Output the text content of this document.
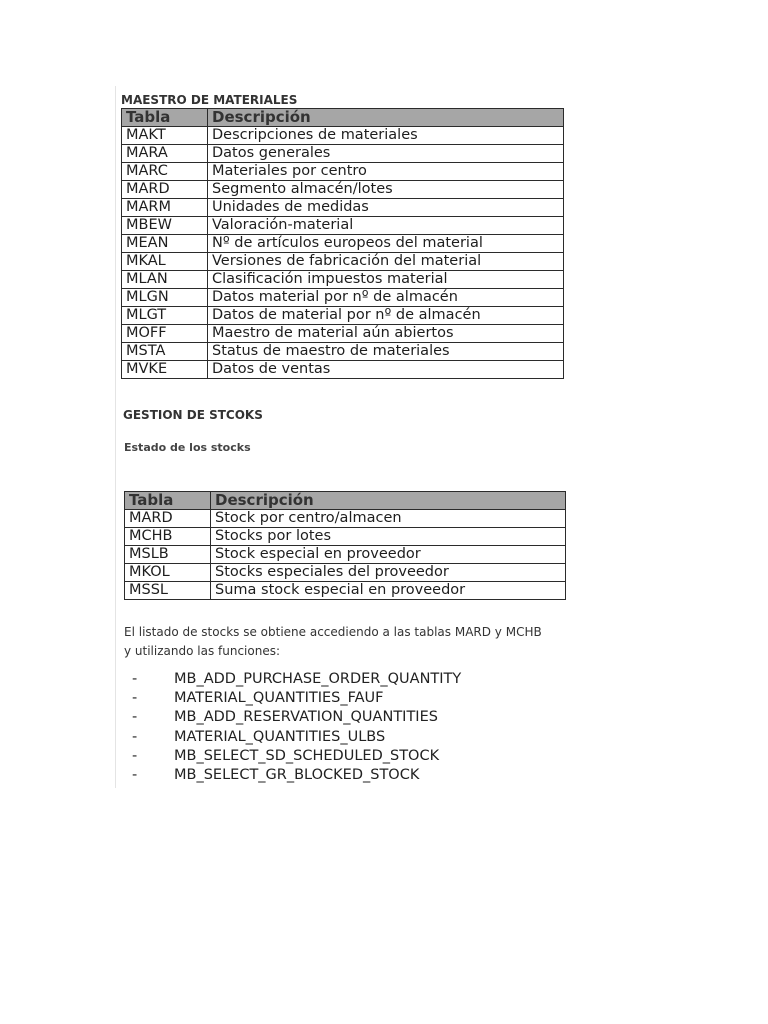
MAESTRO DE MATERIALES
Tabla	Descripción
MAKT	Descripciones de materiales
MARA	Datos generales
MARC	Materiales por centro
MARD	Segmento almacén/lotes
MARM	Unidades de medidas
MBEW	Valoración-material
MEAN	Nº de artículos europeos del material
MKAL	Versiones de fabricación del material
MLAN	Clasificación impuestos material
MLGN	Datos material por nº de almacén
MLGT	Datos de material por nº de almacén
MOFF	Maestro de material aún abiertos
MSTA	Status de maestro de materiales
MVKE	Datos de ventas
GESTION DE STCOKS
Estado de los stocks
Tabla	Descripción
MARD	Stock por centro/almacen
MCHB	Stocks por lotes
MSLB	Stock especial en proveedor
MKOL	Stocks especiales del proveedor
MSSL	Suma stock especial en proveedor
El listado de stocks se obtiene accediendo a las tablas MARD y MCHB y utilizando las funciones:
-	MB_ADD_PURCHASE_ORDER_QUANTITY
-	MATERIAL_QUANTITIES_FAUF
-	MB_ADD_RESERVATION_QUANTITIES
-	MATERIAL_QUANTITIES_ULBS
-	MB_SELECT_SD_SCHEDULED_STOCK
-	MB_SELECT_GR_BLOCKED_STOCK
